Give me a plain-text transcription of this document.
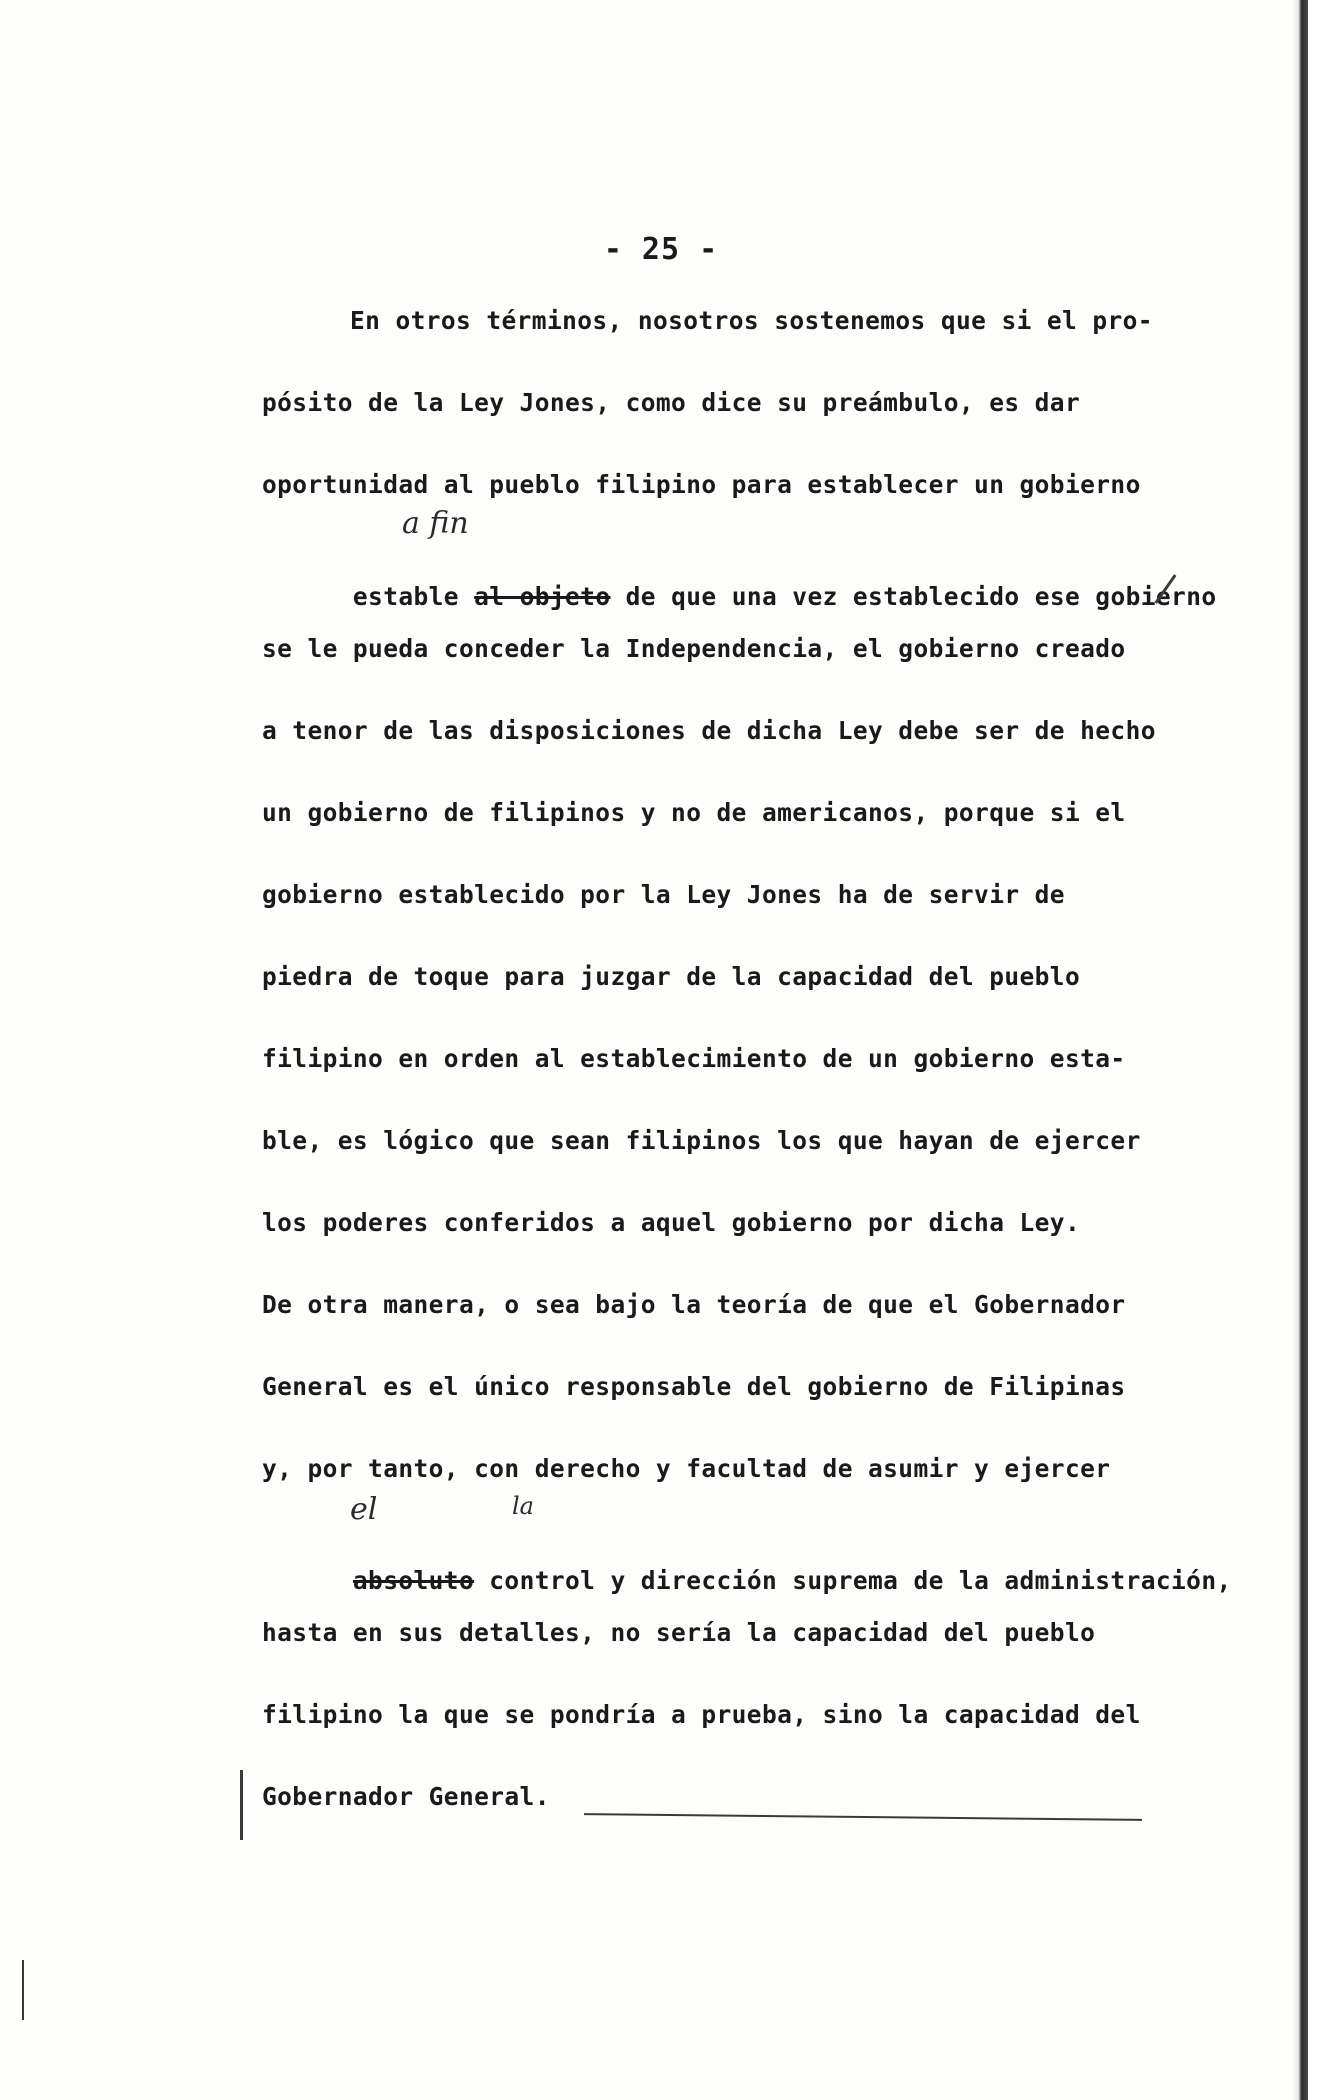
- 25 -
En otros términos, nosotros sostenemos que si el pro-
pósito de la Ley Jones, como dice su preámbulo, es dar
oportunidad al pueblo filipino para establecer un gobierno

estable al objeto de que una vez establecido ese gobierno

a fin
se le pueda conceder la Independencia, el gobierno creado
a tenor de las disposiciones de dicha Ley debe ser de hecho
un gobierno de filipinos y no de americanos, porque si el
gobierno establecido por la Ley Jones ha de servir de
piedra de toque para juzgar de la capacidad del pueblo
filipino en orden al establecimiento de un gobierno esta-
ble, es lógico que sean filipinos los que hayan de ejercer
los poderes conferidos a aquel gobierno por dicha Ley.
De otra manera, o sea bajo la teoría de que el Gobernador
General es el único responsable del gobierno de Filipinas
y, por tanto, con derecho y facultad de asumir y ejercer

absoluto control y dirección suprema de la administración,

el	la
hasta en sus detalles, no sería la capacidad del pueblo
filipino la que se pondría a prueba, sino la capacidad del
Gobernador General.
